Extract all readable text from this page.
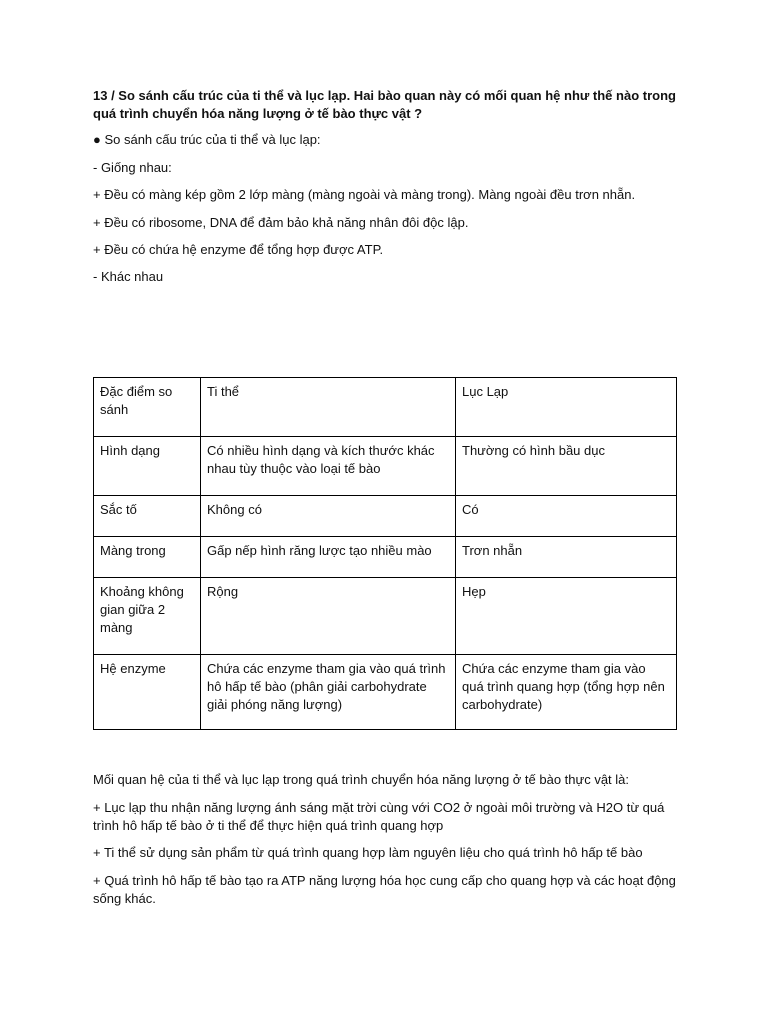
13 / So sánh cấu trúc của ti thể và lục lạp. Hai bào quan này có mối quan hệ như thế nào trong quá trình chuyển hóa năng lượng ở tế bào thực vật ?

● So sánh cấu trúc của ti thể và lục lạp:

- Giống nhau:

+ Đều có màng kép gồm 2 lớp màng (màng ngoài và màng trong). Màng ngoài đều trơn nhẵn.

+ Đều có ribosome, DNA để đảm bảo khả năng nhân đôi độc lập.

+ Đều có chứa hệ enzyme để tổng hợp được ATP.

- Khác nhau

Đặc điểm so sánh	Ti thể	Lục Lạp
Hình dạng	Có nhiều hình dạng và kích thước khác nhau tùy thuộc vào loại tế bào	Thường có hình bầu dục
Sắc tố	Không có	Có
Màng trong	Gấp nếp hình răng lược tạo nhiều mào	Trơn nhẵn
Khoảng không gian giữa 2 màng	Rộng	Hẹp
Hệ enzyme	Chứa các enzyme tham gia vào quá trình hô hấp tế bào (phân giải carbohydrate giải phóng năng lượng)	Chứa các enzyme tham gia vào quá trình quang hợp (tổng hợp nên carbohydrate)

Mối quan hệ của ti thể và lục lạp trong quá trình chuyển hóa năng lượng ở tế bào thực vật là:

+ Lục lạp thu nhận năng lượng ánh sáng mặt trời cùng với CO2 ở ngoài môi trường và H2O từ quá trình hô hấp tế bào ở ti thể để thực hiện quá trình quang hợp

+ Ti thể sử dụng sản phẩm từ quá trình quang hợp làm nguyên liệu cho quá trình hô hấp tế bào

+ Quá trình hô hấp tế bào tạo ra ATP năng lượng hóa học cung cấp cho quang hợp và các hoạt động sống khác.
